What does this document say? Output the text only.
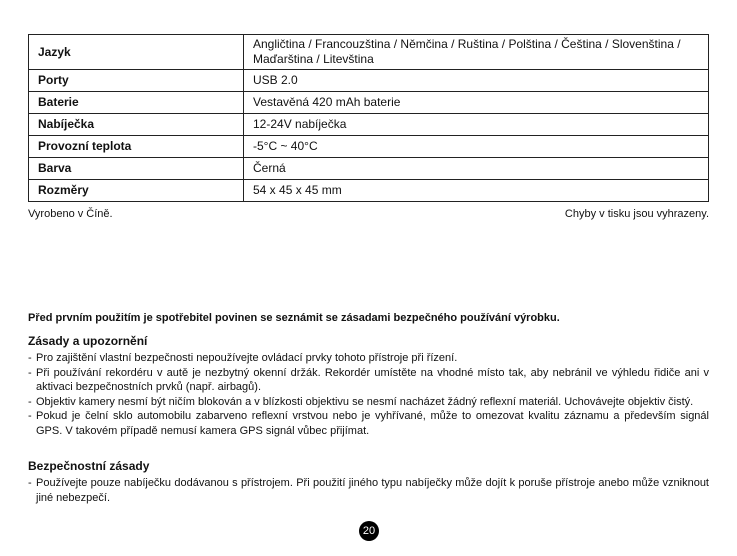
Jazyk	Angličtina / Francouzština / Němčina / Ruština / Polština / Čeština / Slovenština / Maďarština / Litevština
Porty	USB 2.0
Baterie	Vestavěná 420 mAh baterie
Nabíječka	12-24V nabíječka
Provozní teplota	-5°C ~ 40°C
Barva	Černá
Rozměry	54 x 45 x 45 mm
Vyrobeno v Číně.	Chyby v tisku jsou vyhrazeny.
Před prvním použitím je spotřebitel povinen se seznámit se zásadami bezpečného používání výrobku.
Zásady a upozornění
- Pro zajištění vlastní bezpečnosti nepoužívejte ovládací prvky tohoto přístroje při řízení.
- Při používání rekordéru v autě je nezbytný okenní držák. Rekordér umístěte na vhodné místo tak, aby nebránil ve výhledu řidiče ani v aktivaci bezpečnostních prvků (např. airbagů).
- Objektiv kamery nesmí být ničím blokován a v blízkosti objektivu se nesmí nacházet žádný reflexní materiál. Uchovávejte objektiv čistý.
- Pokud je čelní sklo automobilu zabarveno reflexní vrstvou nebo je vyhřívané, může to omezovat kvalitu záznamu a především signál GPS. V takovém případě nemusí kamera GPS signál vůbec přijímat.
Bezpečnostní zásady
- Používejte pouze nabíječku dodávanou s přístrojem. Při použití jiného typu nabíječky může dojít k poruše přístroje anebo může vzniknout jiné nebezpečí.
20
